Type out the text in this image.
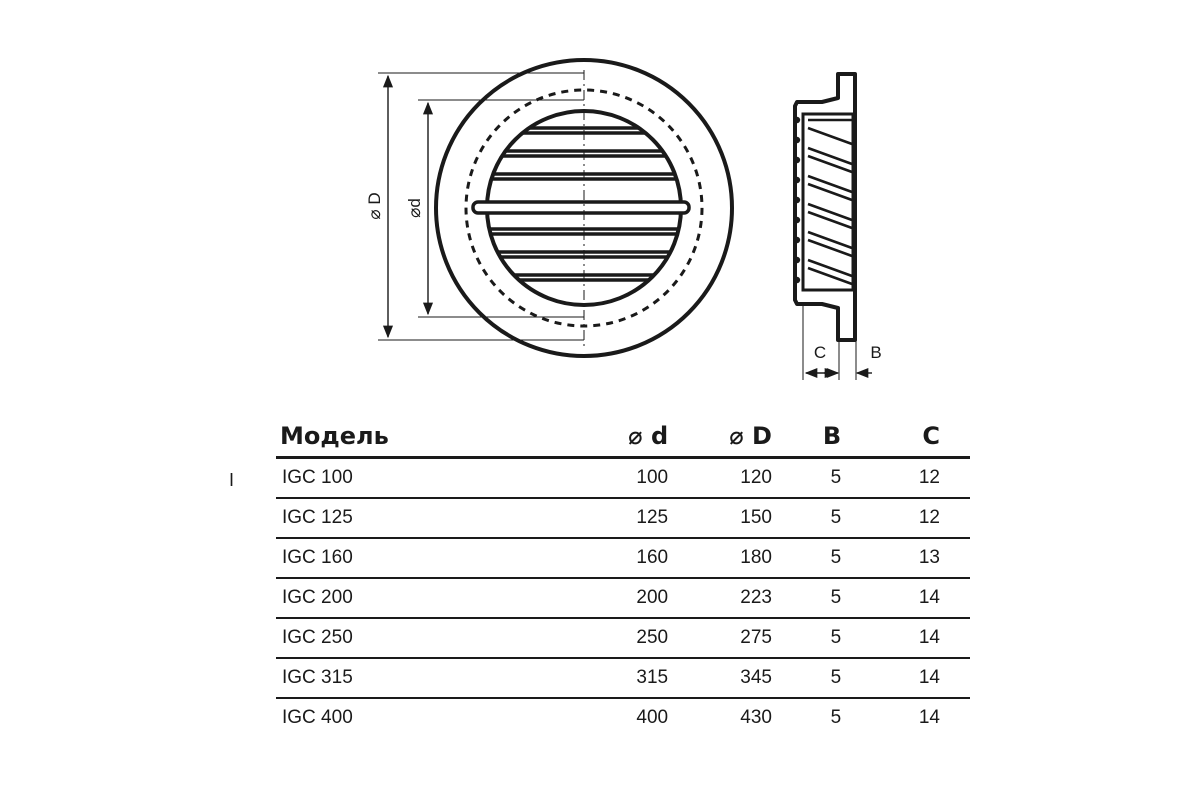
⌀ D ⌀d
C	B
I
Модель	⌀ d	⌀ D	B	C
IGC 100	100	120	5	12
IGC 125	125	150	5	12
IGC 160	160	180	5	13
IGC 200	200	223	5	14
IGC 250	250	275	5	14
IGC 315	315	345	5	14
IGC 400	400	430	5	14
